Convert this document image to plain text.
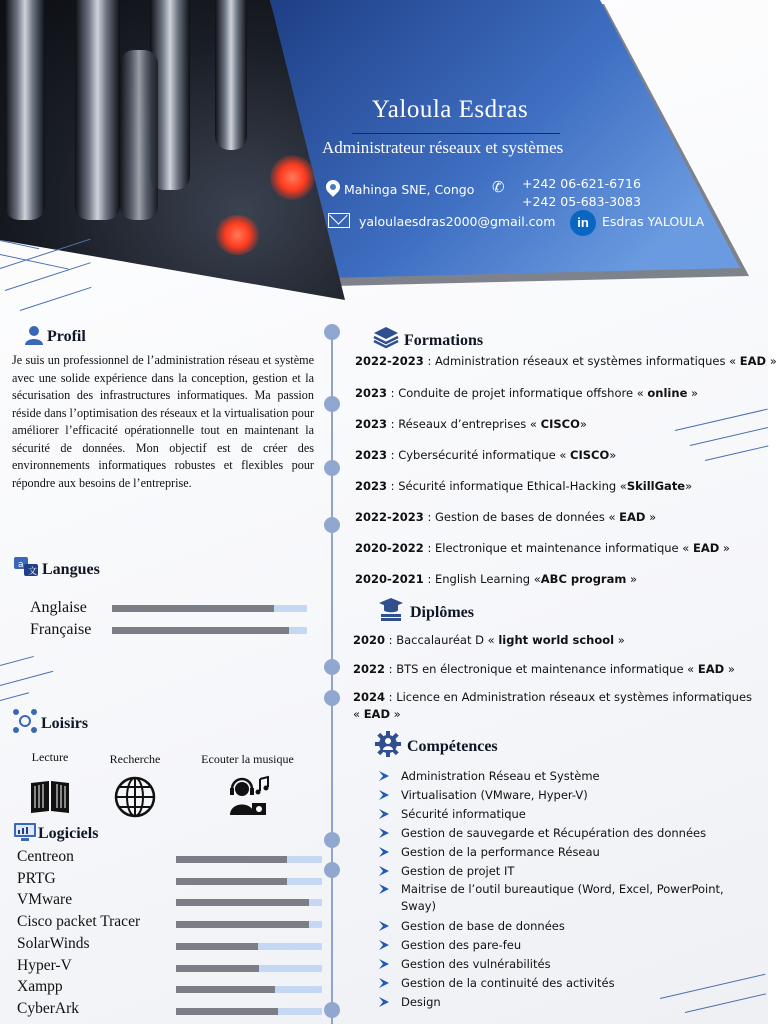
Yaloula Esdras
Administrateur réseaux et systèmes
Mahinga SNE, Congo ✆ +242 06-621-6716
+242 05-683-3083
yaloulaesdras2000@gmail.com	in	Esdras YALOULA
Profil
Je suis un professionnel de l’administration réseau et système avec une solide expérience dans la conception, gestion et la sécurisation des infrastructures informatiques. Ma passion réside dans l’optimisation des réseaux et la virtualisation pour améliorer l’efficacité opérationnelle tout en maintenant la sécurité de données. Mon objectif est de créer des environnements informatiques robustes et flexibles pour répondre aux besoins de l’entreprise.
a
文 Langues
Loisirs
Lecture	Recherche	Ecouter la musique
Logiciels
Formations
Diplômes
Compétences
Anglaise
Française
Centreon
PRTG
VMware
Cisco packet Tracer
SolarWinds
Hyper-V
Xampp
CyberArk
2022-2023 : Administration réseaux et systèmes informatiques « EAD »
2023 : Conduite de projet informatique offshore « online »
2023 : Réseaux d’entreprises « CISCO»
2023 : Cybersécurité informatique « CISCO»
2023 : Sécurité informatique Ethical-Hacking «SkillGate»
2022-2023 : Gestion de bases de données « EAD »
2020-2022 : Electronique et maintenance informatique « EAD »
2020-2021 : English Learning «ABC program »
2020 : Baccalauréat D « light world school »
2022 : BTS en électronique et maintenance informatique « EAD »
2024 : Licence en Administration réseaux et systèmes informatiques « EAD »
Administration Réseau et Système
Virtualisation (VMware, Hyper-V)
Sécurité informatique
Gestion de sauvegarde et Récupération des données
Gestion de la performance Réseau
Gestion de projet IT
Maitrise de l’outil bureautique (Word, Excel, PowerPoint, Sway)
Gestion de base de données
Gestion des pare-feu
Gestion des vulnérabilités
Gestion de la continuité des activités
Design
